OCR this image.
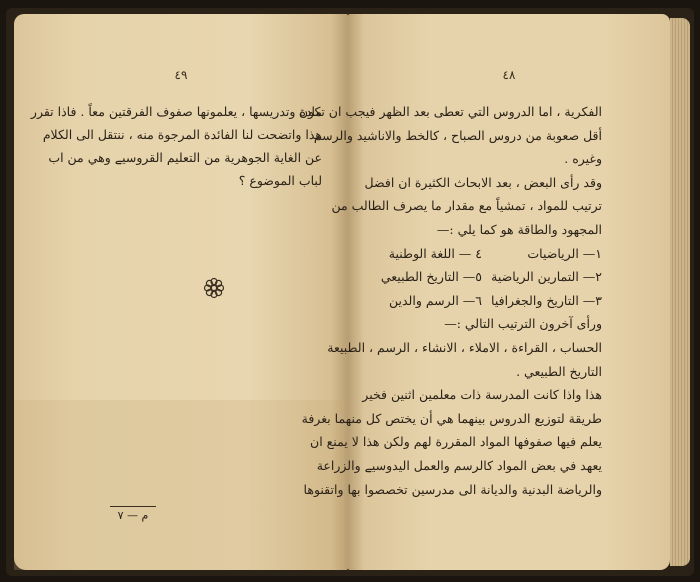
٤٩
مادة وتدريسها ، يعلمونها صفوف الفرقتين معاً . فاذا تقرر
هذا واتضحت لنا الفائدة المرجوة منه ، ننتقل الى الكلام
عن الغاية الجوهرية من التعليم القروسيے وهي من اب
لباب الموضوع ؟
م — ٧
٤٨
الفكرية ، اما الدروس التي تعطى بعد الظهر فيجب ان تكون
أقل صعوبة من دروس الصباح ، كالخط والاناشيد والرسم
وغيره .
وقد رأى البعض ، بعد الابحاث الكثيرة ان افضل
ترتيب للمواد ، تمشياً مع مقدار ما يصرف الطالب من
المجهود والطاقة هو كما يلي :—
١— الرياضيات
٤ — اللغة الوطنية
٢— التمارين الرياضية
٥— التاريخ الطبيعي
٣— التاريخ والجغرافيا
٦— الرسم والدين
ورأى آخرون الترتيب التالي :—
الحساب ، القراءة ، الاملاء ، الانشاء ، الرسم ، الطبيعة
التاريخ الطبيعي .
هذا واذا كانت المدرسة ذات معلمين اثنين فخير
طريقة لتوزيع الدروس بينهما هي أن يختص كل منهما بغرفة
يعلم فيها صفوفها المواد المقررة لهم ولكن هذا لا يمنع ان
يعهد في بعض المواد كالرسم والعمل اليدوسيے والزراعة
والرياضة البدنية والديانة الى مدرسين تخصصوا بها واتقنوها
